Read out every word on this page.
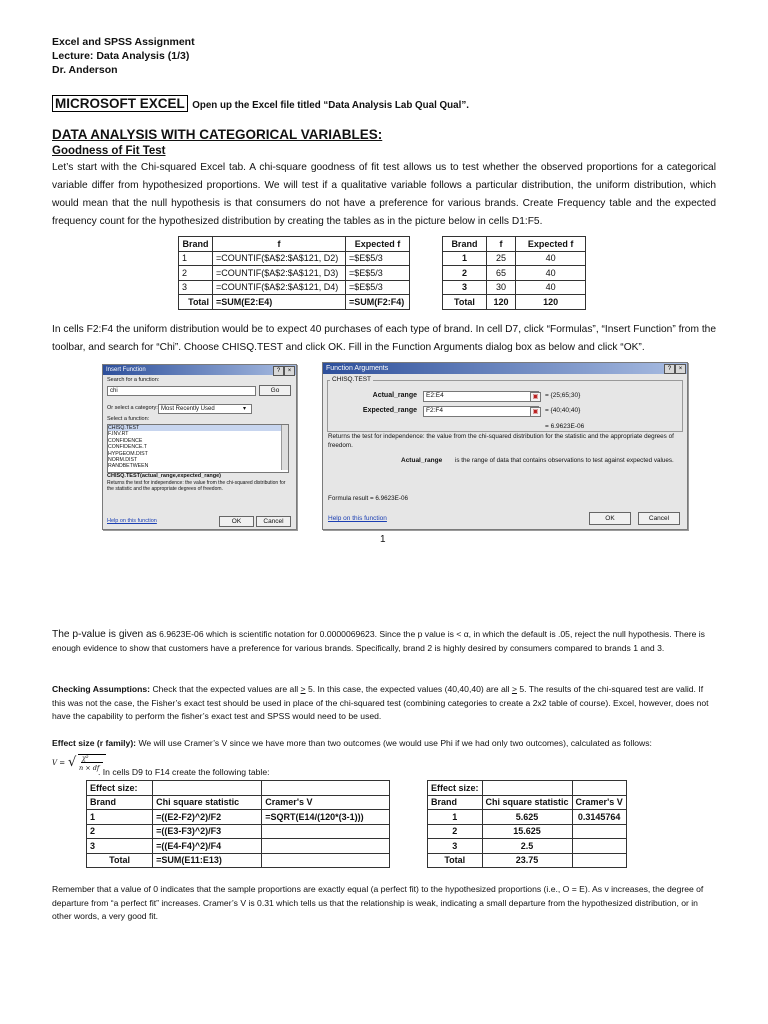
Excel and SPSS Assignment
Lecture: Data Analysis (1/3)
Dr. Anderson
MICROSOFT EXCEL Open up the Excel file titled “Data Analysis Lab Qual Qual”.
DATA ANALYSIS WITH CATEGORICAL VARIABLES:
Goodness of Fit Test
Let’s start with the Chi-squared Excel tab. A chi-square goodness of fit test allows us to test whether the observed proportions for a categorical variable differ from hypothesized proportions. We will test if a qualitative variable follows a particular distribution, the uniform distribution, which would mean that the null hypothesis is that consumers do not have a preference for various brands. Create Frequency table and the expected frequency count for the hypothesized distribution by creating the tables as in the picture below in cells D1:F5.
Brand	f	Expected f
1	=COUNTIF($A$2:$A$121, D2)	=$E$5/3
2	=COUNTIF($A$2:$A$121, D3)	=$E$5/3
3	=COUNTIF($A$2:$A$121, D4)	=$E$5/3
Total	=SUM(E2:E4)	=SUM(F2:F4)
Brand	f	Expected f
1	25	40
2	65	40
3	30	40
Total	120	120
In cells F2:F4 the uniform distribution would be to expect 40 purchases of each type of brand. In cell D7, click “Formulas”, “Insert Function” from the toolbar, and search for “Chi”. Choose CHISQ.TEST and click OK. Fill in the Function Arguments dialog box as below and click “OK”.
Insert Function	?	×
Search for a function:
chi	Go
Or select a category: Most Recently Used	▾
Select a function:
CHISQ.TEST
F.INV.RT
CONFIDENCE
CONFIDENCE.T
HYPGEOM.DIST
NORM.DIST
RANDBETWEEN
CHISQ.TEST(actual_range,expected_range)
Returns the test for independence: the value from the chi-squared distribution for the statistic and the appropriate degrees of freedom.
Help on this function	OK	Cancel
Function Arguments	?	×
CHISQ.TEST
Actual_range	E2:E4	▣	= {25;65;30}
Expected_range	F2:F4	▣	= {40;40;40}
= 6.9623E-06
Returns the test for independence: the value from the chi-squared distribution for the statistic and the appropriate degrees of freedom.
Actual_range is the range of data that contains observations to test against expected values.
Formula result = 6.9623E-06
Help on this function	OK	Cancel
1
The p-value is given as 6.9623E-06 which is scientific notation for 0.0000069623. Since the p value is < α, in which the default is .05, reject the null hypothesis. There is enough evidence to show that customers have a preference for various brands. Specifically, brand 2 is highly desired by consumers compared to brands 1 and 3.
Checking Assumptions: Check that the expected values are all ≥ 5. In this case, the expected values (40,40,40) are all ≥ 5. The results of the chi-squared test are valid. If this was not the case, the Fisher’s exact test should be used in place of the chi-squared test (combining categories to create a 2x2 table of course). Excel, however, does not have the capability to perform the fisher’s exact test and SPSS would need to be used.
Effect size (r family): We will use Cramer’s V since we have more than two outcomes (we would use Phi if we had only two outcomes), calculated as follows:
V = √ χ²
n × df
. In cells D9 to F14 create the following table:
Effect size:		
Brand	Chi square statistic	Cramer's V
1	=((E2-F2)^2)/F2	=SQRT(E14/(120*(3-1)))
2	=((E3-F3)^2)/F3	
3	=((E4-F4)^2)/F4	
Total	=SUM(E11:E13)	
Effect size:		
Brand	Chi square statistic	Cramer's V
1	5.625	0.3145764
2	15.625	
3	2.5	
Total	23.75	
Remember that a value of 0 indicates that the sample proportions are exactly equal (a perfect fit) to the hypothesized proportions (i.e., O = E). As v increases, the degree of departure from “a perfect fit” increases. Cramer’s V is 0.31 which tells us that the relationship is weak, indicating a small departure from the hypothesized distribution, or in other words, a very good fit.
